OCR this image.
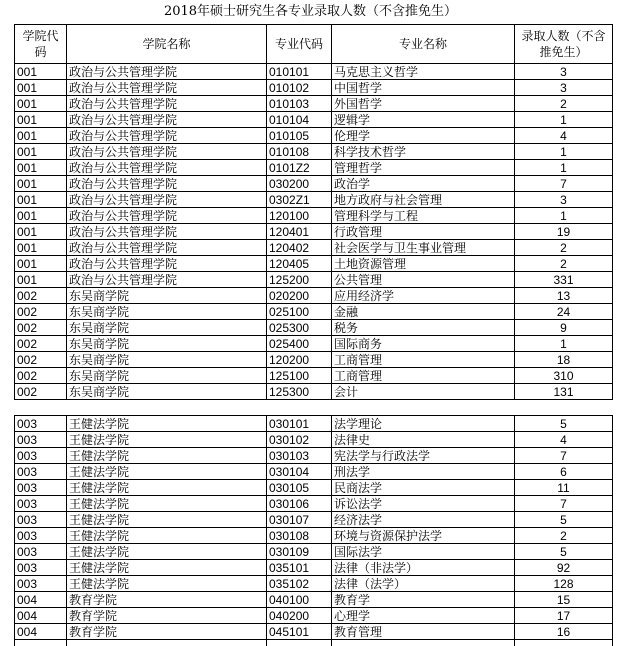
2018年硕士研究生各专业录取人数（不含推免生）
学院代码	学院名称	专业代码	专业名称	录取人数（不含推免生）
001	政治与公共管理学院	010101	马克思主义哲学	3
001	政治与公共管理学院	010102	中国哲学	3
001	政治与公共管理学院	010103	外国哲学	2
001	政治与公共管理学院	010104	逻辑学	1
001	政治与公共管理学院	010105	伦理学	4
001	政治与公共管理学院	010108	科学技术哲学	1
001	政治与公共管理学院	0101Z2	管理哲学	1
001	政治与公共管理学院	030200	政治学	7
001	政治与公共管理学院	0302Z1	地方政府与社会管理	3
001	政治与公共管理学院	120100	管理科学与工程	1
001	政治与公共管理学院	120401	行政管理	19
001	政治与公共管理学院	120402	社会医学与卫生事业管理	2
001	政治与公共管理学院	120405	土地资源管理	2
001	政治与公共管理学院	125200	公共管理	331
002	东吴商学院	020200	应用经济学	13
002	东吴商学院	025100	金融	24
002	东吴商学院	025300	税务	9
002	东吴商学院	025400	国际商务	1
002	东吴商学院	120200	工商管理	18
002	东吴商学院	125100	工商管理	310
002	东吴商学院	125300	会计	131
003	王健法学院	030101	法学理论	5
003	王健法学院	030102	法律史	4
003	王健法学院	030103	宪法学与行政法学	7
003	王健法学院	030104	刑法学	6
003	王健法学院	030105	民商法学	11
003	王健法学院	030106	诉讼法学	7
003	王健法学院	030107	经济法学	5
003	王健法学院	030108	环境与资源保护法学	2
003	王健法学院	030109	国际法学	5
003	王健法学院	035101	法律（非法学）	92
003	王健法学院	035102	法律（法学）	128
004	教育学院	040100	教育学	15
004	教育学院	040200	心理学	17
004	教育学院	045101	教育管理	16
